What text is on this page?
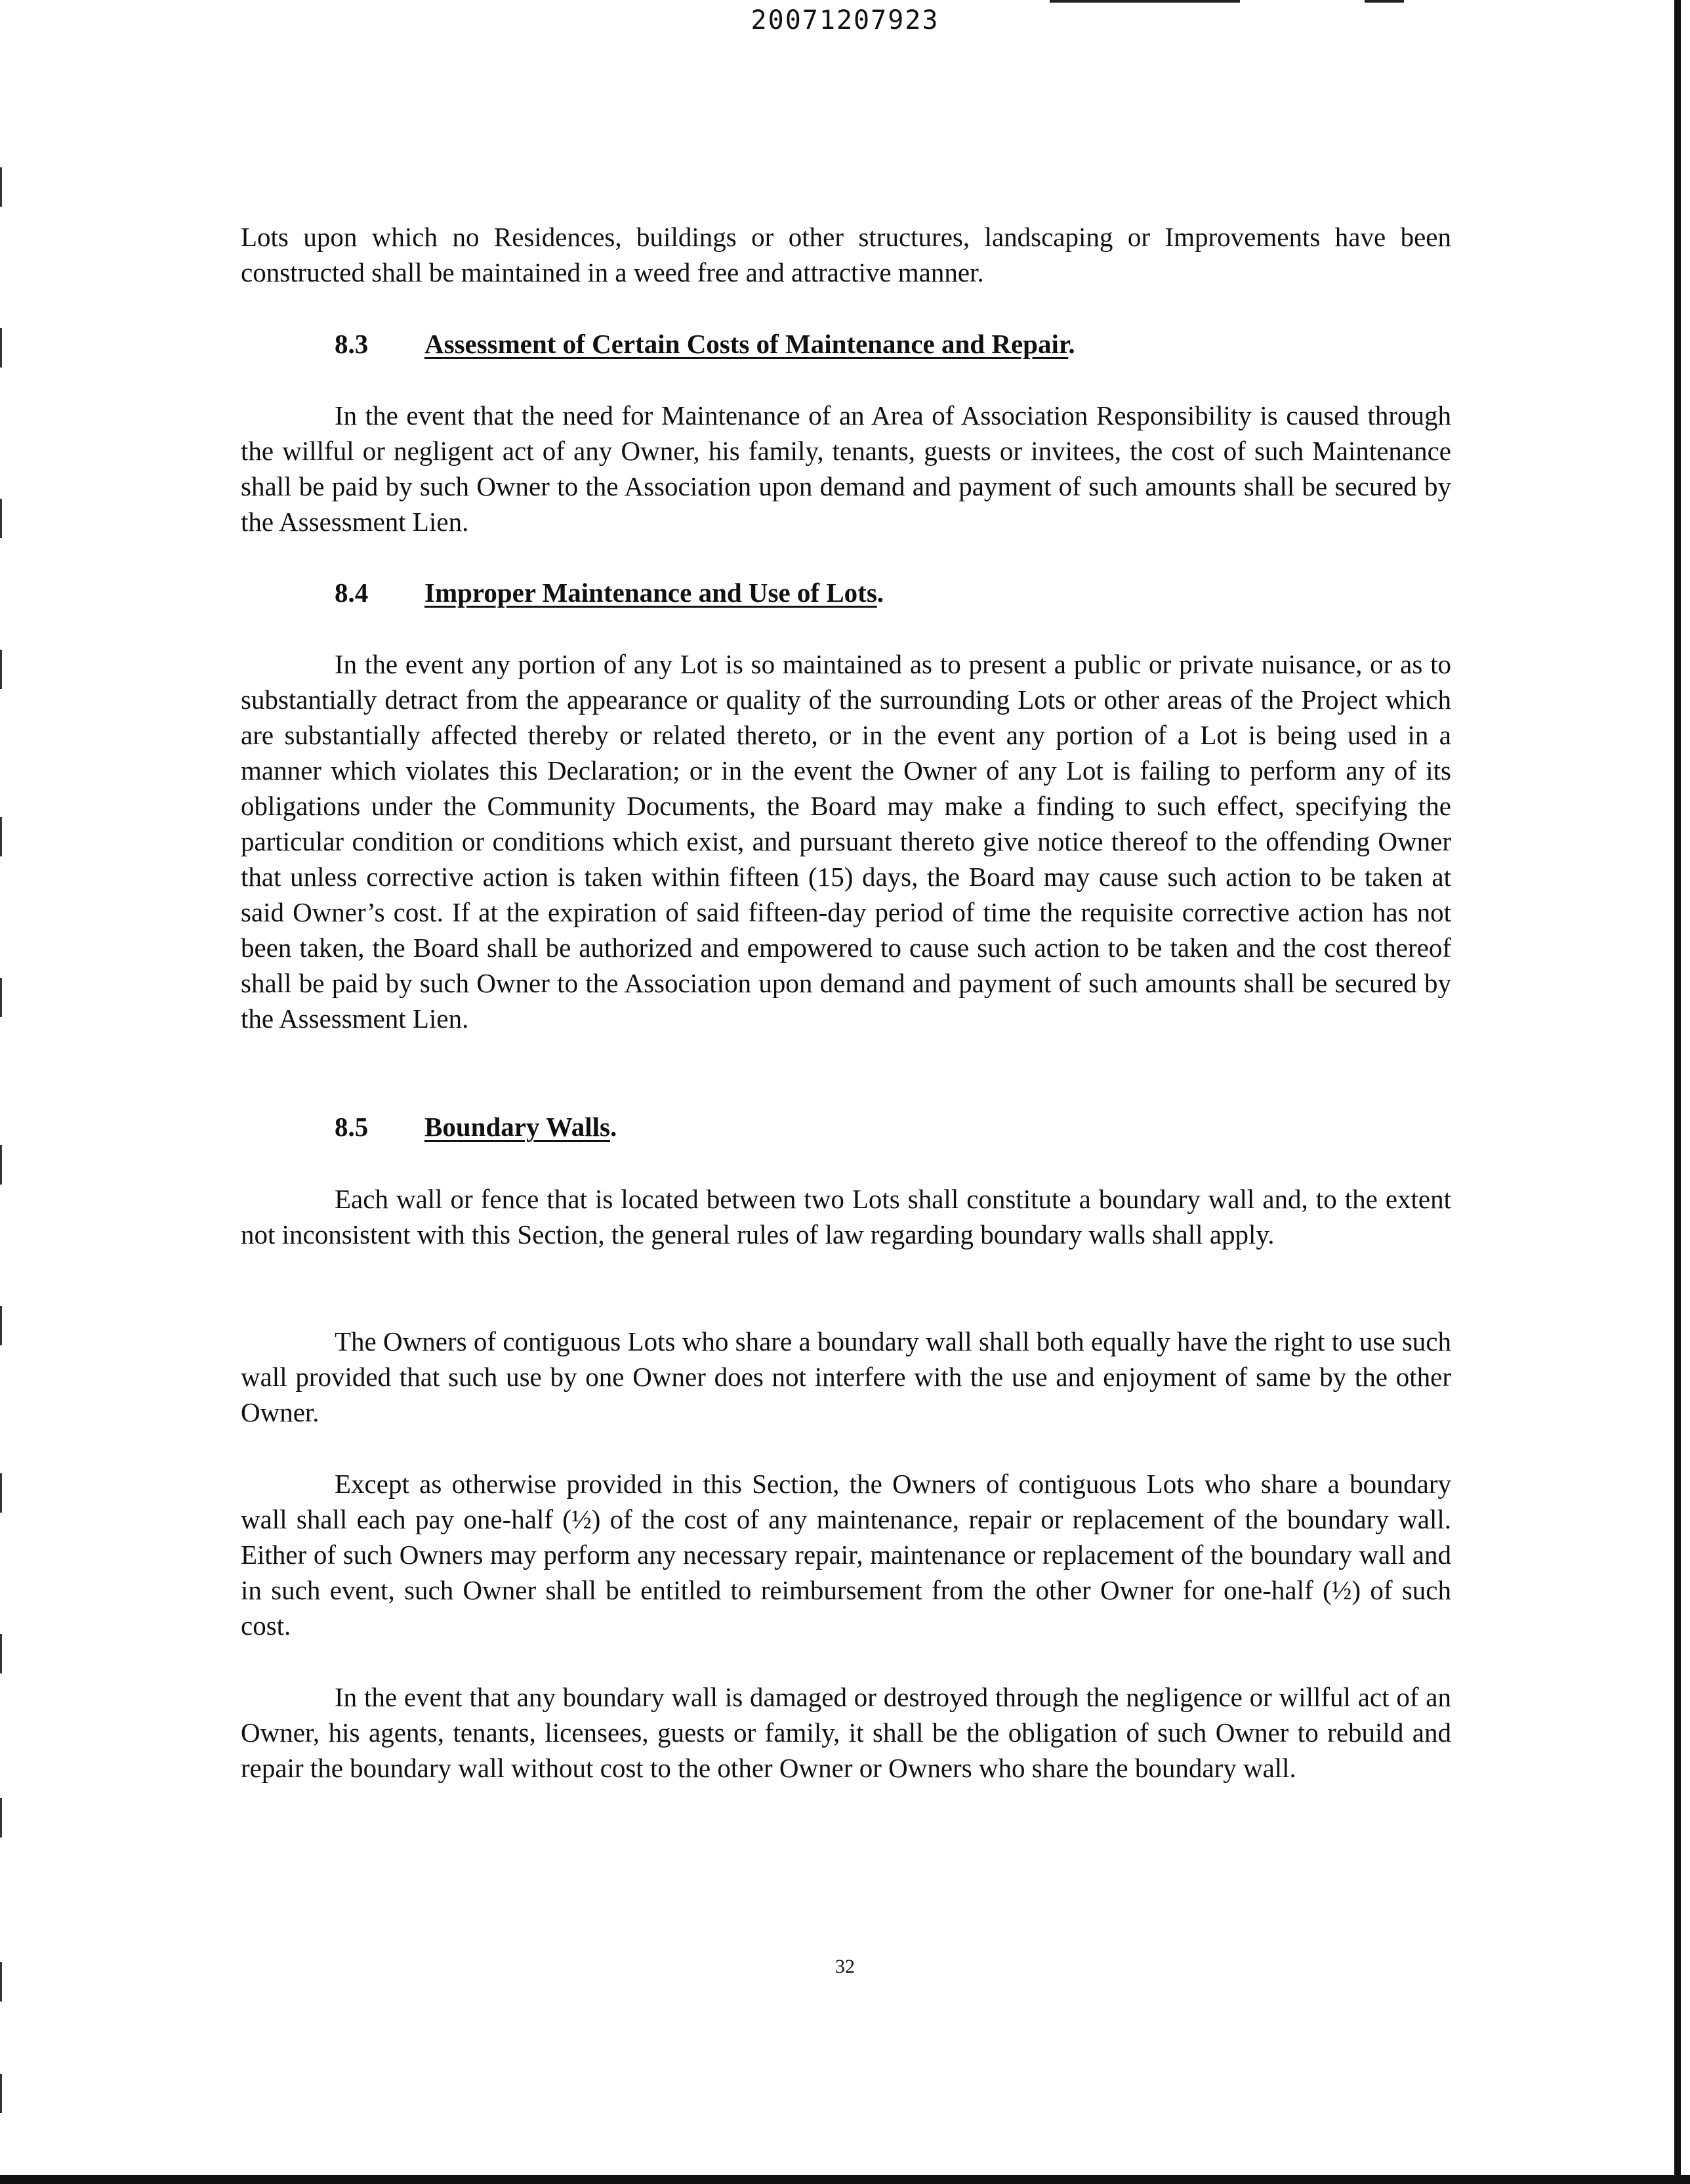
20071207923

Lots upon which no Residences, buildings or other structures, landscaping or Improvements have been constructed shall be maintained in a weed free and attractive manner.

8.3 Assessment of Certain Costs of Maintenance and Repair.

In the event that the need for Maintenance of an Area of Association Responsibility is caused through the willful or negligent act of any Owner, his family, tenants, guests or invitees, the cost of such Maintenance shall be paid by such Owner to the Association upon demand and payment of such amounts shall be secured by the Assessment Lien.

8.4 Improper Maintenance and Use of Lots.

In the event any portion of any Lot is so maintained as to present a public or private nuisance, or as to substantially detract from the appearance or quality of the surrounding Lots or other areas of the Project which are substantially affected thereby or related thereto, or in the event any portion of a Lot is being used in a manner which violates this Declaration; or in the event the Owner of any Lot is failing to perform any of its obligations under the Community Documents, the Board may make a finding to such effect, specifying the particular condition or conditions which exist, and pursuant thereto give notice thereof to the offending Owner that unless corrective action is taken within fifteen (15) days, the Board may cause such action to be taken at said Owner’s cost. If at the expiration of said fifteen-day period of time the requisite corrective action has not been taken, the Board shall be authorized and empowered to cause such action to be taken and the cost thereof shall be paid by such Owner to the Association upon demand and payment of such amounts shall be secured by the Assessment Lien.

8.5 Boundary Walls.

Each wall or fence that is located between two Lots shall constitute a boundary wall and, to the extent not inconsistent with this Section, the general rules of law regarding boundary walls shall apply.

The Owners of contiguous Lots who share a boundary wall shall both equally have the right to use such wall provided that such use by one Owner does not interfere with the use and enjoyment of same by the other Owner.

Except as otherwise provided in this Section, the Owners of contiguous Lots who share a boundary wall shall each pay one-half (½) of the cost of any maintenance, repair or replacement of the boundary wall. Either of such Owners may perform any necessary repair, maintenance or replacement of the boundary wall and in such event, such Owner shall be entitled to reimbursement from the other Owner for one-half (½) of such cost.

In the event that any boundary wall is damaged or destroyed through the negligence or willful act of an Owner, his agents, tenants, licensees, guests or family, it shall be the obligation of such Owner to rebuild and repair the boundary wall without cost to the other Owner or Owners who share the boundary wall.

32
